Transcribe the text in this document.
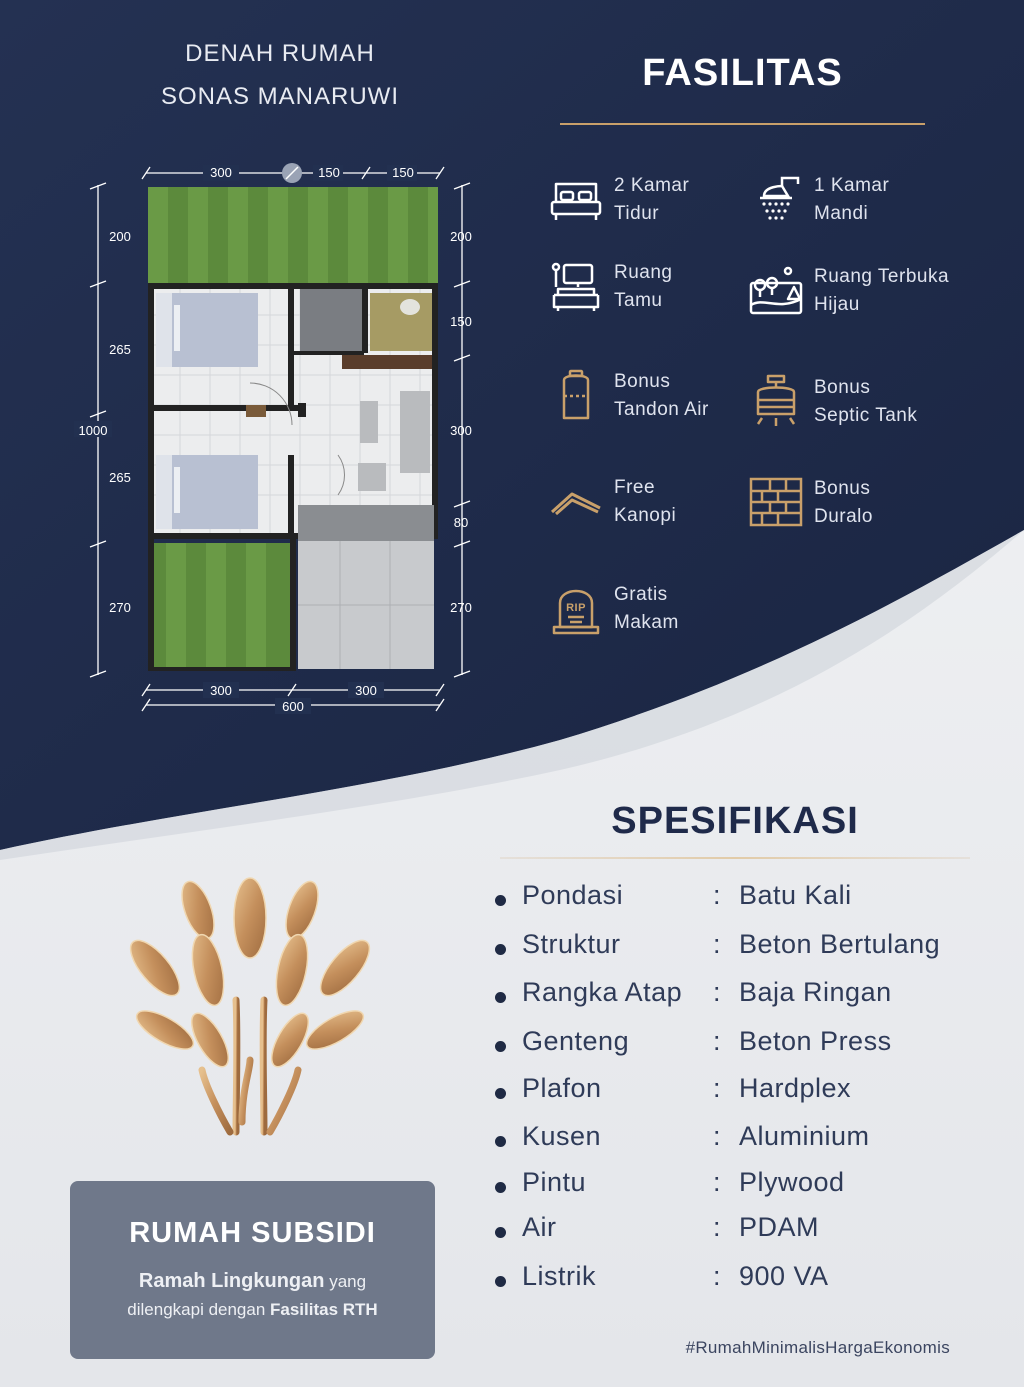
DENAH RUMAH
SONAS MANARUWI
300	150	150
200
265
265
270
1000
200
150
300
80
270
300	300
600
FASILITAS
2 Kamar
Tidur
1 Kamar
Mandi
Ruang
Tamu
Ruang Terbuka
Hijau
Bonus
Tandon Air
Bonus
Septic Tank
Free
Kanopi
Bonus
Duralo
RIP
Gratis
Makam
SPESIFIKASI
Pondasi	: Batu Kali
Struktur	: Beton Bertulang
Rangka Atap : Baja Ringan
Genteng	: Beton Press
Plafon	: Hardplex
Kusen	: Aluminium
Pintu	: Plywood
Air	: PDAM
Listrik	: 900 VA
RUMAH SUBSIDI
Ramah Lingkungan yang
dilengkapi dengan Fasilitas RTH
#RumahMinimalisHargaEkonomis
